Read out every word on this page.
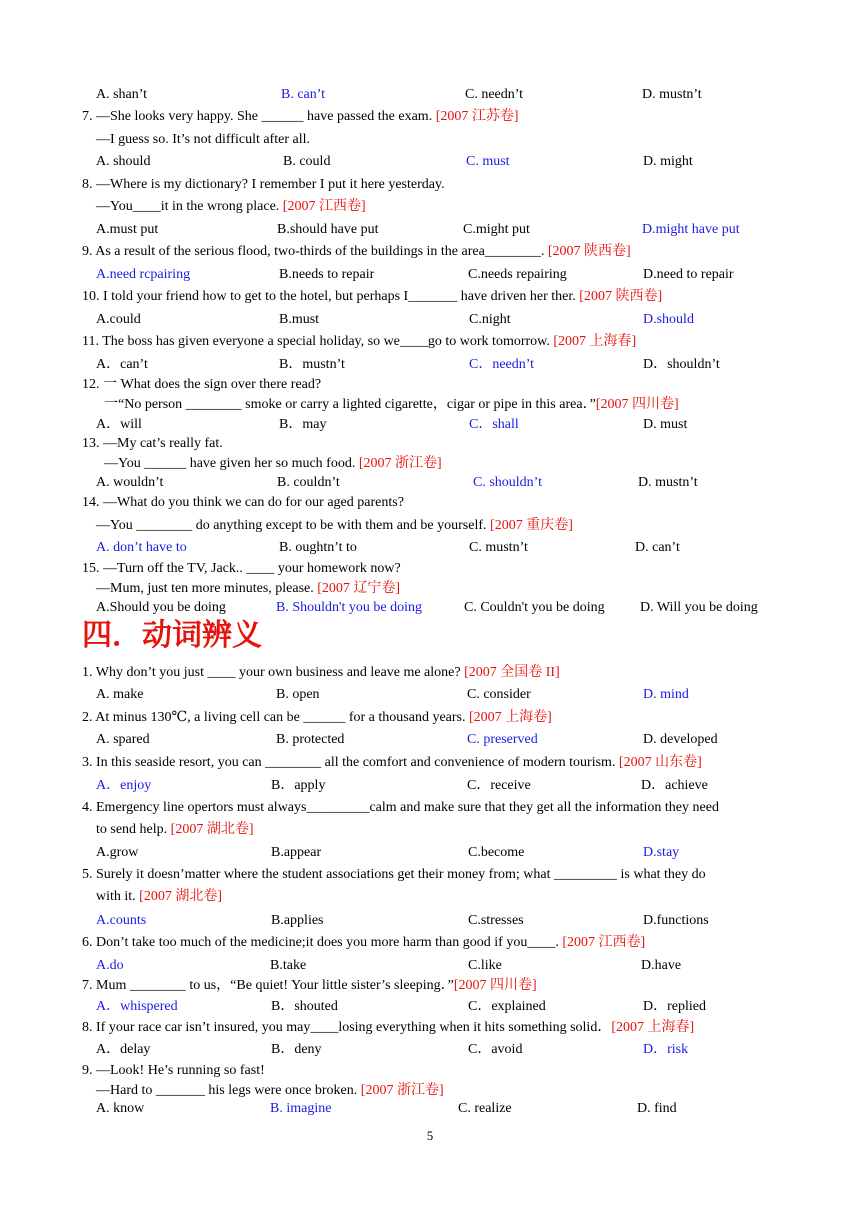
A. shan’t	B. can’t	C. needn’t	D. mustn’t
7. —She looks very happy. She ______ have passed the exam. [2007 江苏卷]
—I guess so. It’s not difficult after all.
A. should	B. could	C. must	D. might
8. —Where is my dictionary? I remember I put it here yesterday.
—You____it in the wrong place. [2007 江西卷]
A.must put	B.should have put	C.might put	D.might have put
9. As a result of the serious flood, two-thirds of the buildings in the area________. [2007 陕西卷]
A.need rcpairing	B.needs to repair	C.needs repairing	D.need to repair
10. I told your friend how to get to the hotel, but perhaps I_______ have driven her ther. [2007 陕西卷]
A.could	B.must	C.night	D.should
11. The boss has given everyone a special holiday, so we____go to work tomorrow. [2007 上海春]
A．can’t	B．mustn’t	C．needn’t	D．shouldn’t
12. 一 What does the sign over there read?
一“No person ________ smoke or carry a lighted cigarette，cigar or pipe in this area．”[2007 四川卷]
A．will	B．may	C．shall	D. must
13. —My cat’s really fat.
—You ______ have given her so much food. [2007 浙江卷]
A. wouldn’t	B. couldn’t	C. shouldn’t	D. mustn’t
14. —What do you think we can do for our aged parents?
—You ________ do anything except to be with them and be yourself. [2007 重庆卷]
A. don’t have to	B. oughtn’t to	C. mustn’t	D. can’t
15. —Turn off the TV, Jack.. ____ your homework now?
—Mum, just ten more minutes, please. [2007 辽宁卷]
A.Should you be doing	B. Shouldn't you be doing	C. Couldn't you be doing	D. Will you be doing
四．动词辨义
1. Why don’t you just ____ your own business and leave me alone? [2007 全国卷 II]
A. make	B. open	C. consider	D. mind
2. At minus 130℃, a living cell can be ______ for a thousand years. [2007 上海卷]
A. spared	B. protected	C. preserved	D. developed
3. In this seaside resort, you can ________ all the comfort and convenience of modern tourism. [2007 山东卷]
A．enjoy	B．apply	C．receive	D．achieve
4. Emergency line opertors must always_________calm and make sure that they get all the information they need
to send help. [2007 湖北卷]
A.grow	B.appear	C.become	D.stay
5. Surely it doesn’matter where the student associations get their money from; what _________ is what they do
with it. [2007 湖北卷]
A.counts	B.applies	C.stresses	D.functions
6. Don’t take too much of the medicine;it does you more harm than good if you____. [2007 江西卷]
A.do	B.take	C.like	D.have
7. Mum ________ to us，“Be quiet! Your little sister’s sleeping．”[2007 四川卷]
A．whispered	B．shouted	C．explained	D．replied
8. If your race car isn’t insured, you may____losing everything when it hits something solid．[2007 上海春]
A．delay	B．deny	C．avoid	D．risk
9. —Look! He’s running so fast!
—Hard to _______ his legs were once broken. [2007 浙江卷]
A. know	B. imagine	C. realize	D. find
5
